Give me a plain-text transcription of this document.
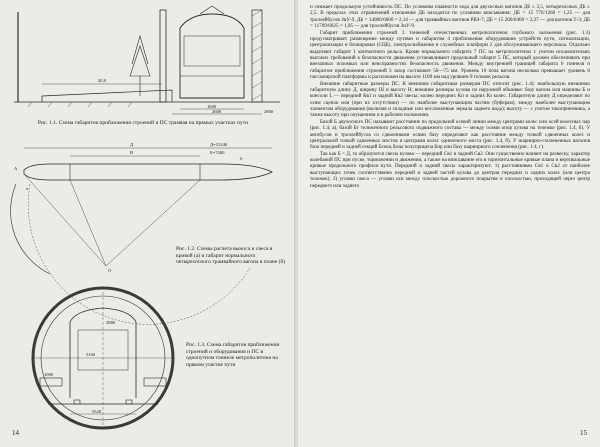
20,0
1600
2600	2800
Рис. 1.1. Схема габаритов приближения строений и ПС трамвая на прямых участках пути
а
б
Д
В
А
О
Д=15240
Б=7400
Рис. 1.2. Схемы расчета выноса и свеса в кривой (а) и габарит нормального четырехосного трамвайного вагона в плане (б)
5100
3520
2880
1000
Рис. 1.3. Схема габаритов приближения строений и оборудования и ПС в однопутном тоннеле метрополитена на прямом участке пути
14

и снижает продольную устойчивость ПС. По условиям плавности хода для двухосных вагонов ДБ ≤ 3,5, четырехосных ДБ ≤ 2,5. В пределах этих ограничений отношение ДБ находится по условиям вписывания: ДБ = 15 770/1260 = 1,25 — для троллейбусов ЗиУ-9, ДБ = 14080/6000 = 2,14 — для трамвайных вагонов РВЗ-7; ДБ = 15 200/6400 = 2,37 — для вагонов Т-3; ДБ = 11709/6025 = 1,95 — для троллейбусов ЗиУ-9.

Габарит приближения строений 3 тоннелей отечественных метрополитенов глубокого заложения (рис. 1.3) предусматривает размещение между путями и габаритом 4 приближения оборудования устройств пути, сигнализации, централизации и блокировки (СЦБ), электроснабжения и служебных платформ 2 для обслуживающего персонала. Отдельно выделяют габарит 1 контактного рельса. Кроме нормального габарита 7 ПС на метрополитенах с учетом исключительно высоких требований к безопасности движения устанавливают предельный габарит 5 ПС, который должен обеспечивать при внезапных поломках или неисправностях безопасность движения. Между внутренней границей габарита 6 тоннеля и габаритом приближения строений 3 зазор составляет 50—75 мм. Уровень 10 пола вагона несколько превышает уровень 8 пассажирской платформы и расположен на высоте 1100 мм над уровнем 9 головок рельсов.

Внешние габаритные размеры ПС. К внешним габаритным размерам ПС относят (рис. 1.4): наибольшую внешнюю габаритную длину Д, ширину Ш и высоту Н; внешние размеры кузова по наружной обшивке: базу вагона или машины Б и консоли L — передний Кв1 и задний Кв2 свесы; колею передних Кп и задних Кз колес. Габаритную длину Д определяют по осям сцепок или (при их отсутствии) — по наиболее выступающим частям (буферам), между наиболее выступающим элементам оборудования (включая и складные или несложенные зеркала заднего вида); высоту — с учетом токоприемника, а также высоту при опущенном и в рабочем положении.

Базой Б двухосного ПС называют расстояние по продольной осевой линии между центрами колес или осей колесных пар (рис. 1.4, а), базой Бт тележечного рельсового подвижного состава — между осями опор кузова на тележке (рис. 1.4, б). У автобусов и троллейбусов со сдвоенными осями базу определяют как расстояние между точкой сдвоенных колес и центральной точкой сдвоенных мостов и центрами колес одиночного моста (рис. 1.4, б). У шарнирно-сочлененных вагонов база передней и задней секций Бсекц базы полуприцепа Бпр или базу шарнирного сочленения (рис. 1.4, г).

Так как Б < Д, то образуются свесы кузова — передний Св1 и задний Св2. Они существенно влияют на развеску, характер колебаний ПС при пуске, торможении и движении, а также на вписывание его в горизонтальные кривые плана и вертикальные кривые продольного профиля пути. Передний и задний свесы характеризуют: 1) расстояниями Св1 и Св2 от наиболее выступающих точек соответственно передней и задней частей кузова до центров передних и задних колес (или центра тележек); 2) углами свеса — углами αсв между плоскостью дорожного покрытия и плоскостью, проходящей через центр переднего или заднего

15
